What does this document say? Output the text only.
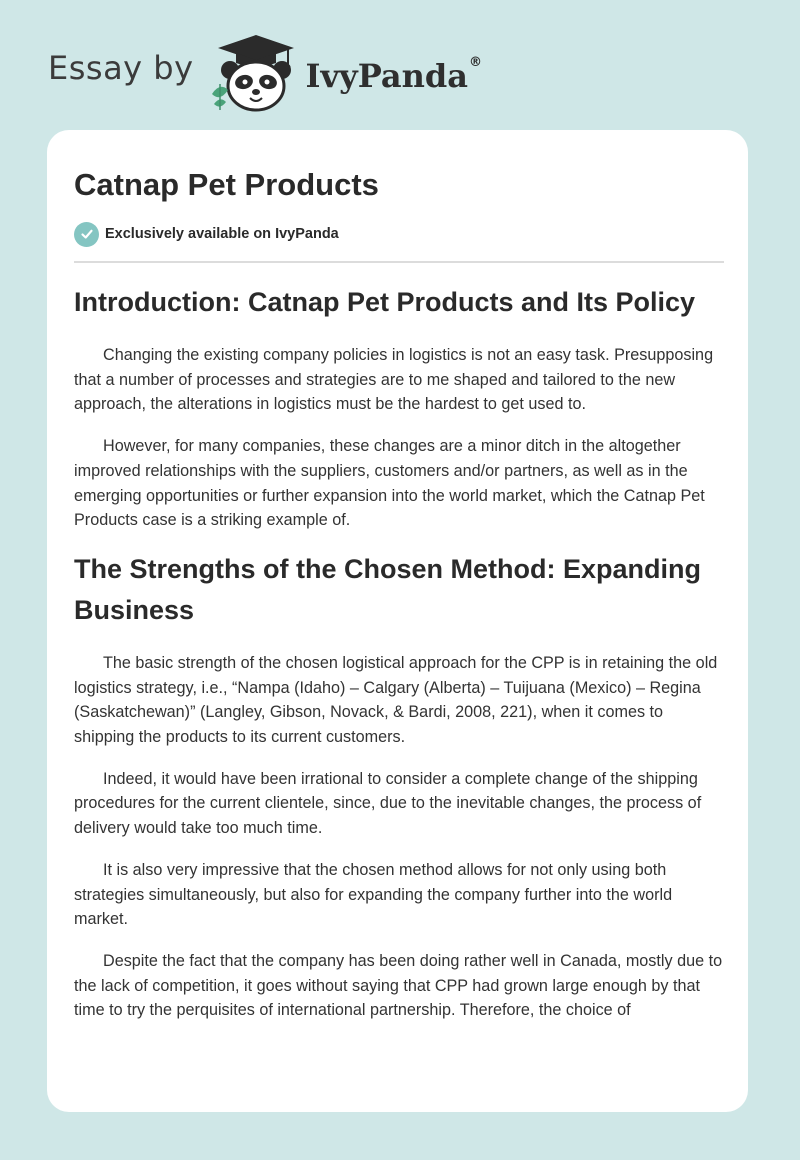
Essay by	IvyPanda®
Catnap Pet Products
Exclusively available on IvyPanda
Introduction: Catnap Pet Products and Its Policy

Changing the existing company policies in logistics is not an easy task. Presupposing that a number of processes and strategies are to me shaped and tailored to the new approach, the alterations in logistics must be the hardest to get used to.

However, for many companies, these changes are a minor ditch in the altogether improved relationships with the suppliers, customers and/or partners, as well as in the emerging opportunities or further expansion into the world market, which the Catnap Pet Products case is a striking example of.

The Strengths of the Chosen Method: Expanding Business

The basic strength of the chosen logistical approach for the CPP is in retaining the old logistics strategy, i.e., “Nampa (Idaho) – Calgary (Alberta) – Tuijuana (Mexico) – Regina (Saskatchewan)” (Langley, Gibson, Novack, & Bardi, 2008, 221), when it comes to shipping the products to its current customers.

Indeed, it would have been irrational to consider a complete change of the shipping procedures for the current clientele, since, due to the inevitable changes, the process of delivery would take too much time.

It is also very impressive that the chosen method allows for not only using both strategies simultaneously, but also for expanding the company further into the world market.

Despite the fact that the company has been doing rather well in Canada, mostly due to the lack of competition, it goes without saying that CPP had grown large enough by that time to try the perquisites of international partnership. Therefore, the choice of
